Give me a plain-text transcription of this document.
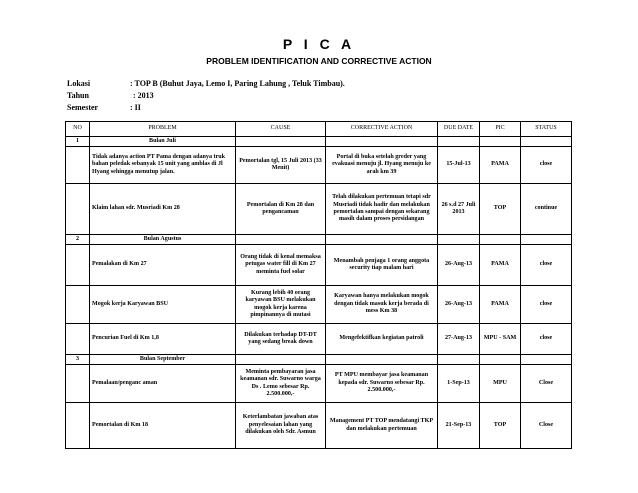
P I C A
PROBLEM IDENTIFICATION AND CORRECTIVE ACTION
Lokasi	: TOP B (Buhut Jaya, Lemo I, Paring Lahung , Teluk Timbau).
Tahun	: 2013
Semester	: II
NO	PROBLEM	CAUSE	CORRECTIVE ACTION	DUE DATE	PIC	STATUS
1	Bulan Juli					
	Tidak adanya action PT Pama dengan adanya truk bahan peledak sebanyak 15 unit yang amblas di Jl Hyang sehingga menutup jalan.	Pemortalan tgl, 15 Juli 2013 (33 Menit)	Portal di buka setelah greder yang evakuasi menuju jl. Hyang menuju ke arah km 39	15-Jul-13	PAMA	close
	Klaim lahan sdr. Musriadi Km 28	Pemortalan di Km 28 dan pengancaman	Telah dilakukan pertemuan tetapi sdr Musriadi tidak hadir dan melakukan pemortalan sampai dengan sekarang masih dalam proses persidangan	26 s.d 27 Juli 2013	TOP	continue
2	Bulan Agustus					
	Pemalakan di Km 27	Orang tidak di kenal memaksa petugas water fill di Km 27 meminta fuel solar	Menambah penjaga 1 orang anggota security tiap malam hari	26-Aug-13	PAMA	close
	Mogok kerja Karyawan BSU	Kurang lebih 40 orang karyawan BSU melakukan mogok kerja karena pimpinannya di mutasi	Karyawan hanya melakukan mogok dengan tidak masuk kerja berada di mess Km 38	26-Aug-13	PAMA	close
	Pencurian Fuel di Km 1,8	Dilakukan terhadap DT-DT yang sedang break down	Mengefektifkan kegiatan patroli	27-Aug-13	MPU - SAM	close
3	Bulan September					
	Pemalaan/penganc aman	Meminta pembayaran jasa keamanan sdr. Suwarno warga Ds . Lemo sebesar Rp. 2.500.000,-	PT MPU membayar jasa keamanan kepada sdr. Suwarno sebesar Rp. 2.500.000,-	1-Sep-13	MPU	Close
	Pemortalan di Km 18	Keterlambatan jawaban atas penyelesaian lahan yang dilakukan oleh Sdr. Asmun	Management PT TOP mendatangi TKP dan melakukan pertemuan	21-Sep-13	TOP	Close
